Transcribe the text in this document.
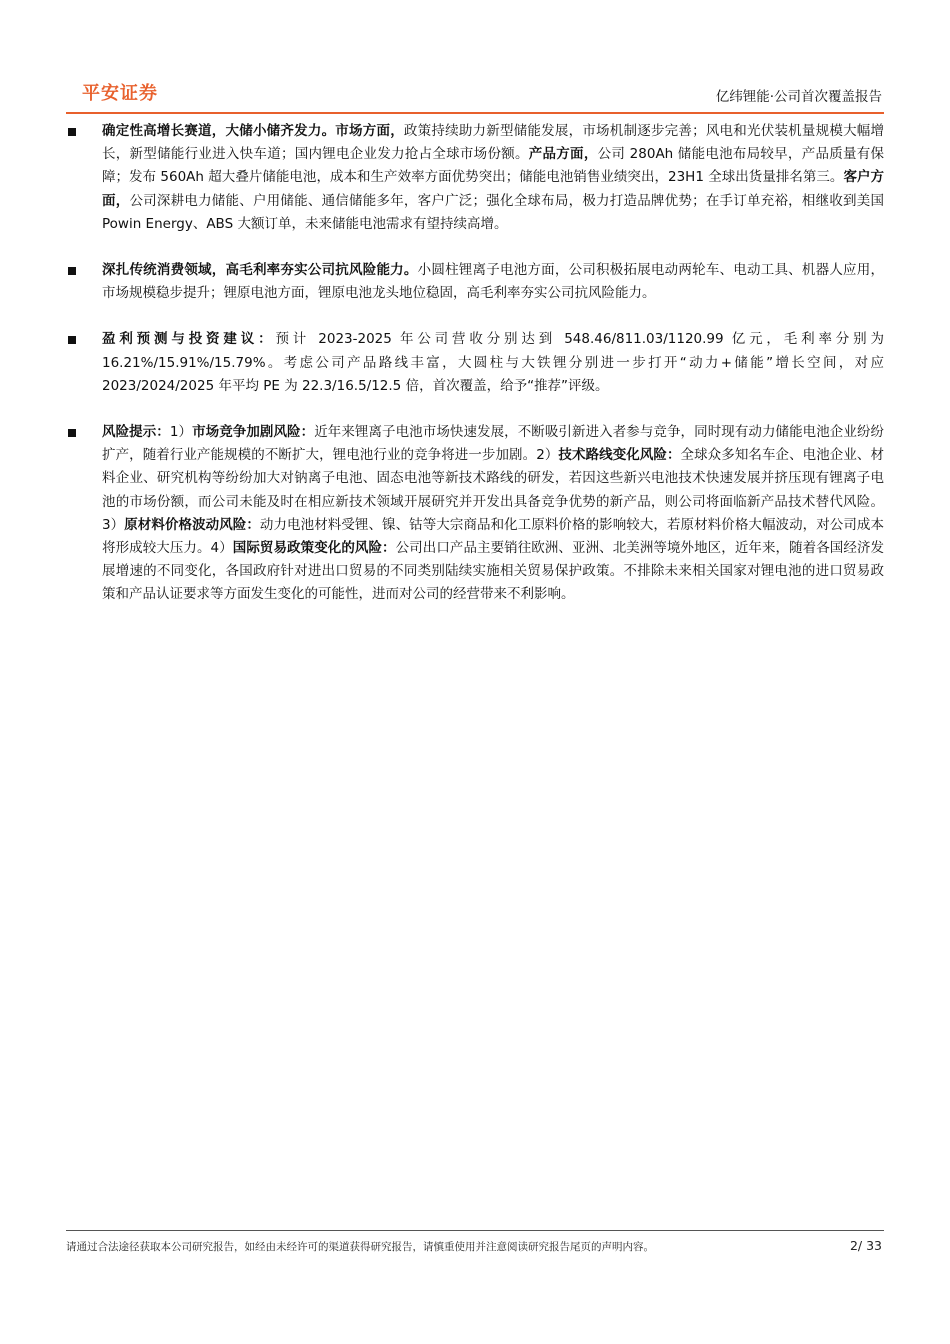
平安证券	亿纬锂能·公司首次覆盖报告
确定性高增长赛道，大储小储齐发力。市场方面，政策持续助力新型储能发展，市场机制逐步完善；风电和光伏装机量规模大幅增长，新型储能行业进入快车道；国内锂电企业发力抢占全球市场份额。产品方面，公司 280Ah 储能电池布局较早，产品质量有保障；发布 560Ah 超大叠片储能电池，成本和生产效率方面优势突出；储能电池销售业绩突出，23H1 全球出货量排名第三。客户方面，公司深耕电力储能、户用储能、通信储能多年，客户广泛；强化全球布局，极力打造品牌优势；在手订单充裕，相继收到美国 Powin Energy、ABS 大额订单，未来储能电池需求有望持续高增。
深扎传统消费领域，高毛利率夯实公司抗风险能力。小圆柱锂离子电池方面，公司积极拓展电动两轮车、电动工具、机器人应用，市场规模稳步提升；锂原电池方面，锂原电池龙头地位稳固，高毛利率夯实公司抗风险能力。
盈利预测与投资建议：预计 2023-2025 年公司营收分别达到 548.46/811.03/1120.99 亿元，毛利率分别为 16.21%/15.91%/15.79%。考虑公司产品路线丰富，大圆柱与大铁锂分别进一步打开“动力+储能”增长空间，对应 2023/2024/2025 年平均 PE 为 22.3/16.5/12.5 倍，首次覆盖，给予“推荐”评级。
风险提示：1）市场竞争加剧风险：近年来锂离子电池市场快速发展，不断吸引新进入者参与竞争，同时现有动力储能电池企业纷纷扩产，随着行业产能规模的不断扩大，锂电池行业的竞争将进一步加剧。2）技术路线变化风险：全球众多知名车企、电池企业、材料企业、研究机构等纷纷加大对钠离子电池、固态电池等新技术路线的研发，若因这些新兴电池技术快速发展并挤压现有锂离子电池的市场份额，而公司未能及时在相应新技术领域开展研究并开发出具备竞争优势的新产品，则公司将面临新产品技术替代风险。3）原材料价格波动风险：动力电池材料受锂、镍、钴等大宗商品和化工原料价格的影响较大，若原材料价格大幅波动，对公司成本将形成较大压力。4）国际贸易政策变化的风险：公司出口产品主要销往欧洲、亚洲、北美洲等境外地区，近年来，随着各国经济发展增速的不同变化，各国政府针对进出口贸易的不同类别陆续实施相关贸易保护政策。不排除未来相关国家对锂电池的进口贸易政策和产品认证要求等方面发生变化的可能性，进而对公司的经营带来不利影响。
请通过合法途径获取本公司研究报告，如经由未经许可的渠道获得研究报告，请慎重使用并注意阅读研究报告尾页的声明内容。	2/ 33
